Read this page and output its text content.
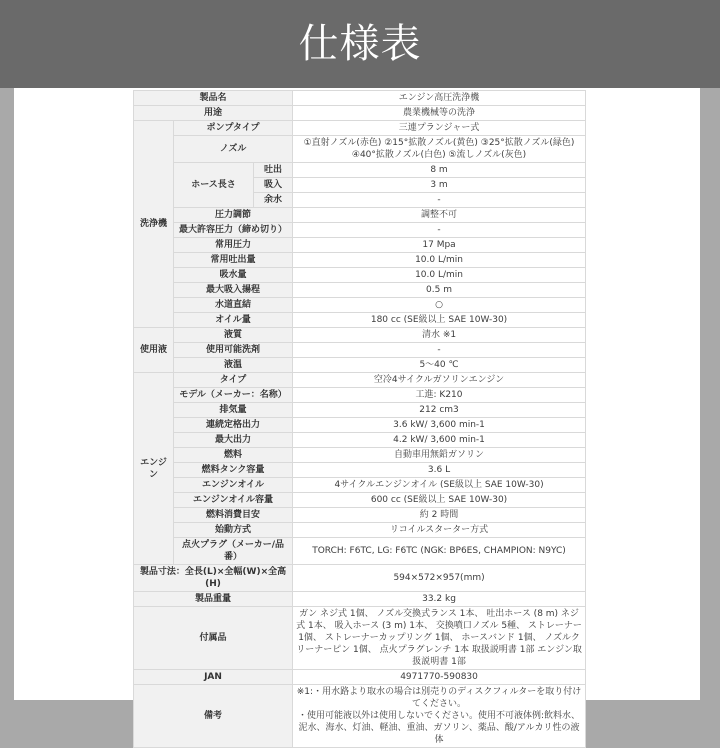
仕様表
製品名			エンジン高圧洗浄機
用途			農業機械等の洗浄
洗浄機	ポンプタイプ		三連プランジャー式
	ノズル		①直射ノズル(赤色) ②15°拡散ノズル(黄色) ③25°拡散ノズル(緑色) ④40°拡散ノズル(白色) ⑤流しノズル(灰色)
	ホース長さ	吐出	8 m
		吸入	3 m
		余水	-
	圧力調節		調整不可
	最大許容圧力（締め切り）		-
	常用圧力		17 Mpa
	常用吐出量		10.0 L/min
	吸水量		10.0 L/min
	最大吸入揚程		0.5 m
	水道直結		○
	オイル量		180 cc (SE級以上 SAE 10W-30)
使用液	液質		清水 ※1
	使用可能洗剤		-
	液温		5～40 ℃
エンジン	タイプ		空冷4サイクルガソリンエンジン
	モデル（メーカー：名称）		工進: K210
	排気量		212 cm3
	連続定格出力		3.6 kW/ 3,600 min-1
	最大出力		4.2 kW/ 3,600 min-1
	燃料		自動車用無鉛ガソリン
	燃料タンク容量		3.6 L
	エンジンオイル		4サイクルエンジンオイル (SE級以上 SAE 10W-30)
	エンジンオイル容量		600 cc (SE級以上 SAE 10W-30)
	燃料消費目安		約 2 時間
	始動方式		リコイルスターター方式
	点火プラグ（メーカー/品番）		TORCH: F6TC, LG: F6TC (NGK: BP6ES, CHAMPION: N9YC)
製品寸法：全長(L)×全幅(W)×全高(H)			594×572×957(mm)
製品重量			33.2 kg
付属品			ガン ネジ式 1個、 ノズル交換式ランス 1本、 吐出ホース (8 m) ネジ式 1本、 吸入ホース (3 m) 1本、 交換噴口ノズル 5種、 ストレーナー 1個、 ストレーナーカップリング 1個、 ホースバンド 1個、 ノズルクリーナーピン 1個、 点火プラグレンチ 1本 取扱説明書 1部 エンジン取扱説明書 1部
JAN			4971770-590830
備考			※1:・用水路より取水の場合は別売りのディスクフィルターを取り付けてください。
・使用可能液以外は使用しないでください。使用不可液体例:飲料水、泥水、海水、灯油、軽油、重油、ガソリン、薬品、酸/アルカリ性の液体
